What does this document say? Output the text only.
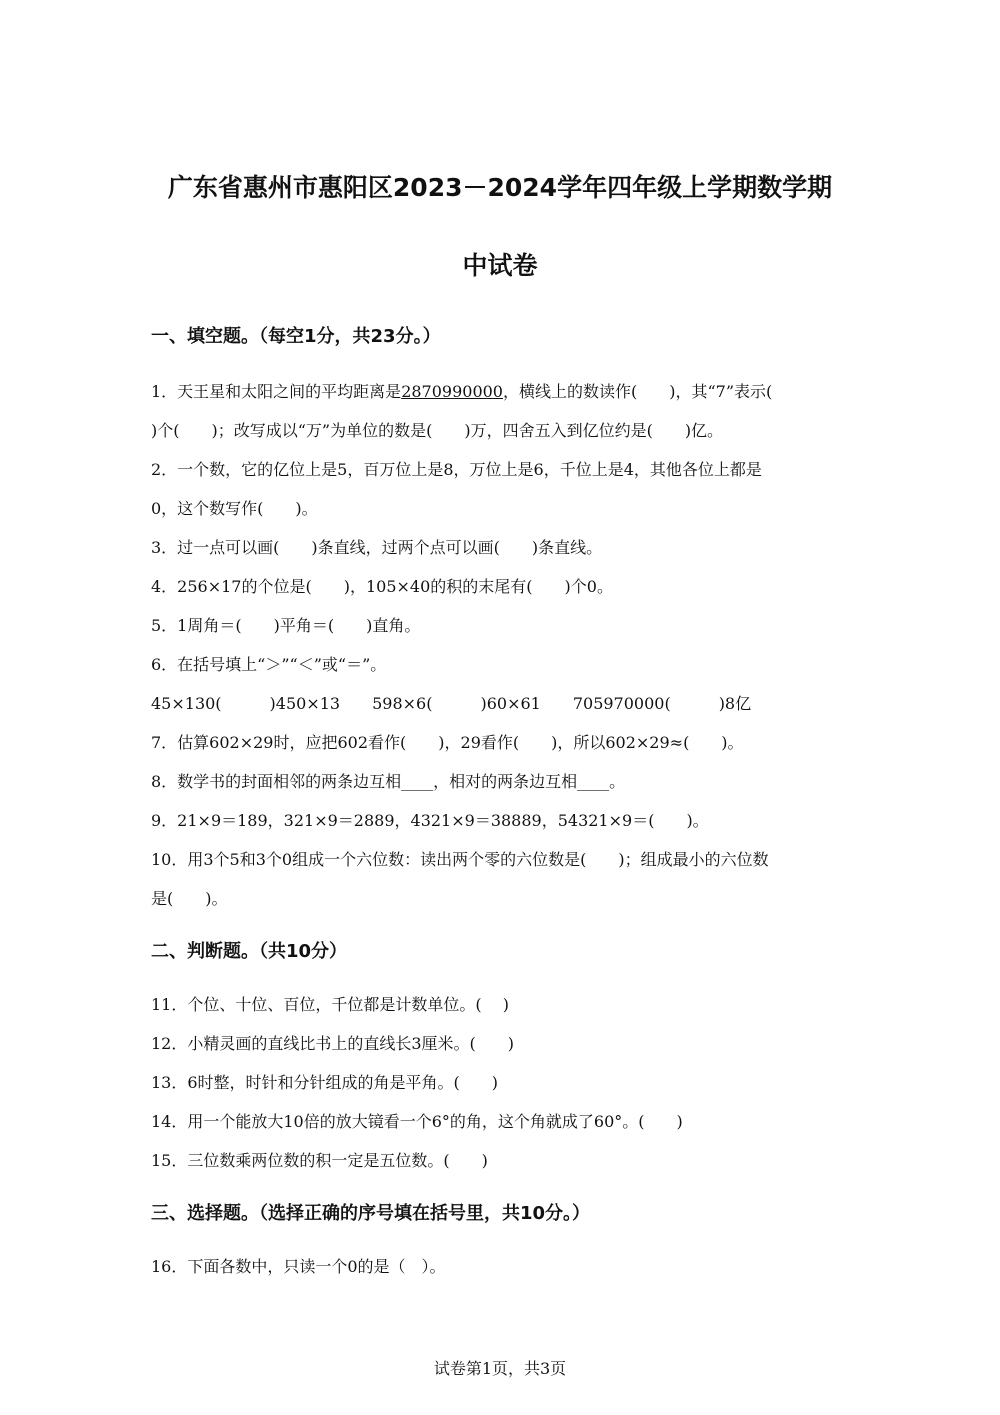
广东省惠州市惠阳区2023－2024学年四年级上学期数学期
中试卷
一、填空题。（每空1分，共23分。）
1．天王星和太阳之间的平均距离是2870990000，横线上的数读作(　　)，其“7”表示(
)个(　　)；改写成以“万”为单位的数是(　　)万，四舍五入到亿位约是(　　)亿。
2．一个数，它的亿位上是5，百万位上是8，万位上是6，千位上是4，其他各位上都是
0，这个数写作(　　)。
3．过一点可以画(　　)条直线，过两个点可以画(　　)条直线。
4．256×17的个位是(　　)，105×40的积的末尾有(　　)个0。
5．1周角＝(　　)平角＝(　　)直角。
6．在括号填上“＞”“＜”或“＝”。
45×130(　　　)450×13　　598×6(　　　)60×61　　705970000(　　　)8亿
7．估算602×29时，应把602看作(　　)，29看作(　　)，所以602×29≈(　　)。
8．数学书的封面相邻的两条边互相____，相对的两条边互相____。
9．21×9＝189，321×9＝2889，4321×9＝38889，54321×9＝(　　)。
10．用3个5和3个0组成一个六位数：读出两个零的六位数是(　　)；组成最小的六位数
是(　　)。
二、判断题。（共10分）
11．个位、十位、百位，千位都是计数单位。(　 )
12．小精灵画的直线比书上的直线长3厘米。(　　)
13．6时整，时针和分针组成的角是平角。(　　)
14．用一个能放大10倍的放大镜看一个6°的角，这个角就成了60°。(　　)
15．三位数乘两位数的积一定是五位数。(　　)
三、选择题。（选择正确的序号填在括号里，共10分。）
16．下面各数中，只读一个0的是（　）。
试卷第1页，共3页
